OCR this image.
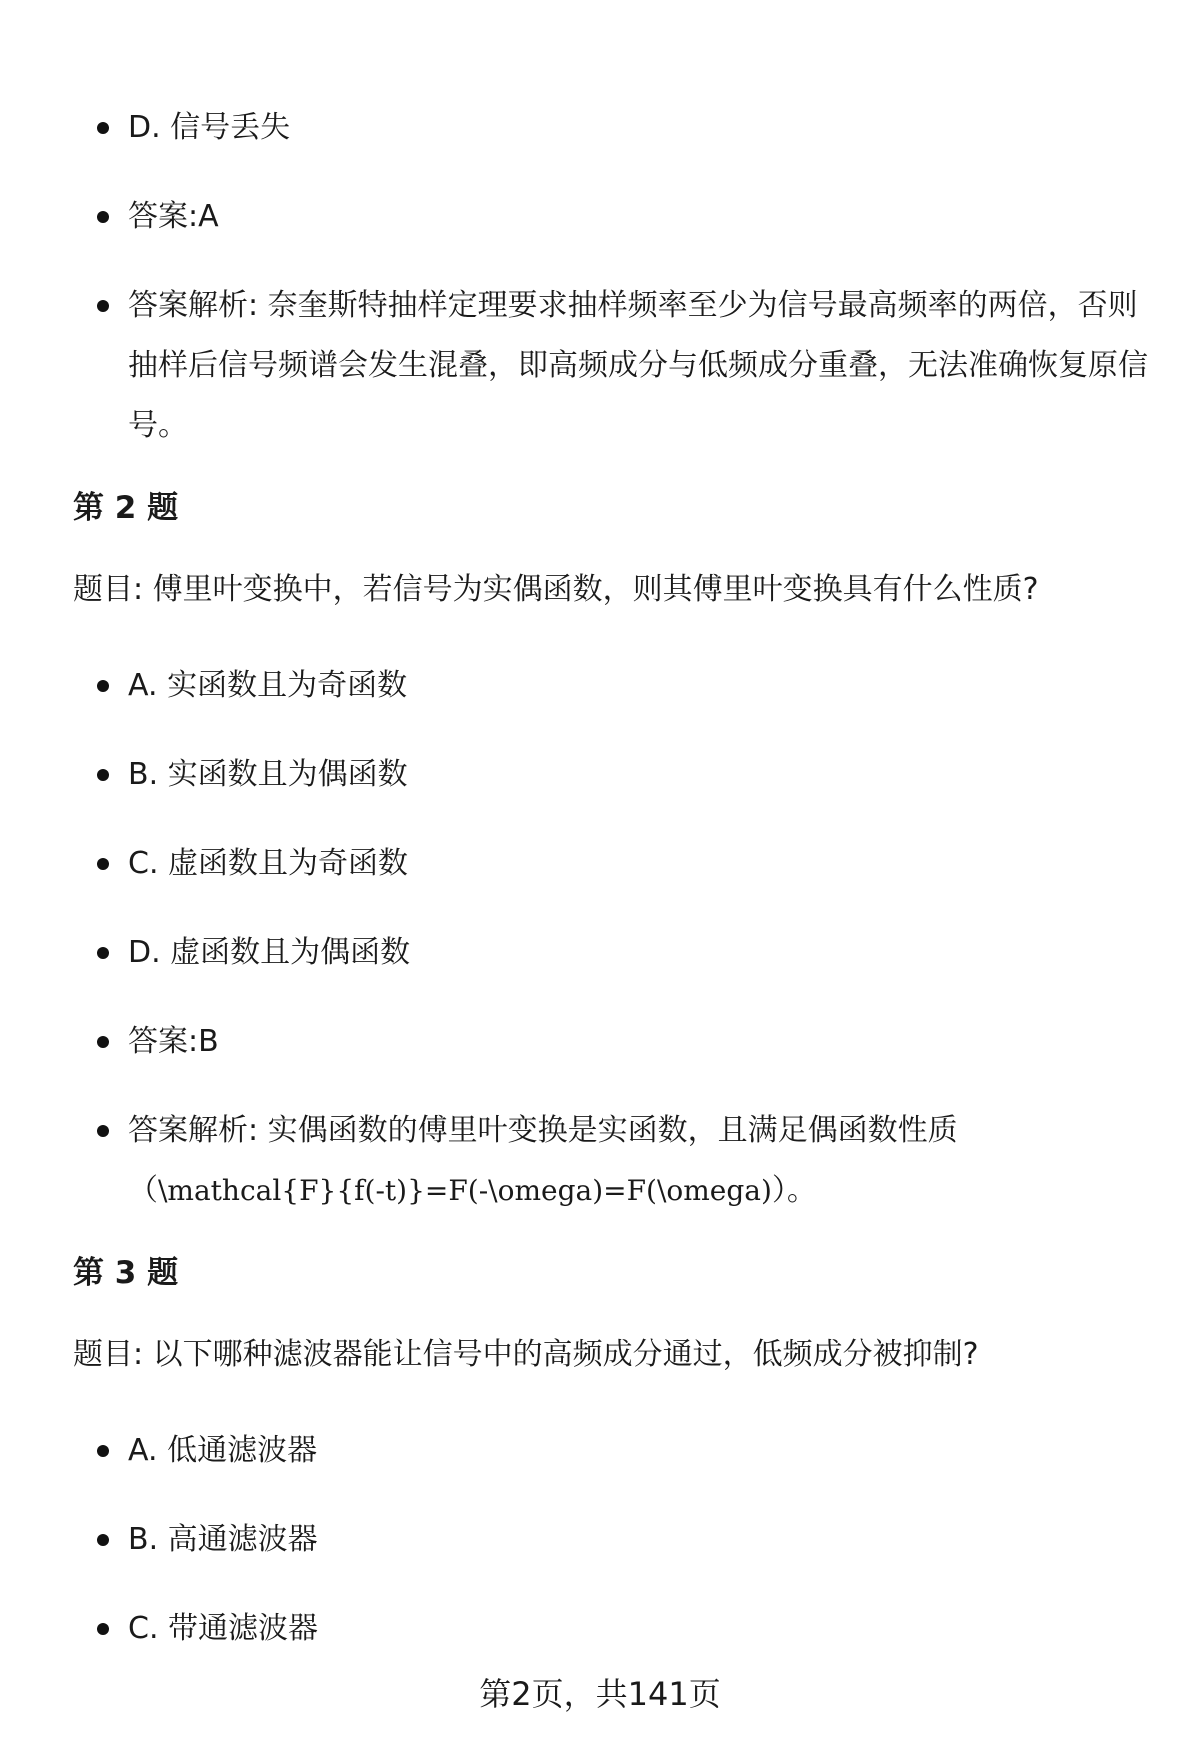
D. 信号丢失
答案:A
答案解析: 奈奎斯特抽样定理要求抽样频率至少为信号最高频率的两倍，否则抽样后信号频谱会发生混叠，即高频成分与低频成分重叠，无法准确恢复原信号。
第 2 题
题目: 傅里叶变换中，若信号为实偶函数，则其傅里叶变换具有什么性质?
A. 实函数且为奇函数
B. 实函数且为偶函数
C. 虚函数且为奇函数
D. 虚函数且为偶函数
答案:B
答案解析: 实偶函数的傅里叶变换是实函数，且满足偶函数性质（\mathcal{F}{f(-t)}=F(-\omega)=F(\omega)）。
第 3 题
题目: 以下哪种滤波器能让信号中的高频成分通过，低频成分被抑制?
A. 低通滤波器
B. 高通滤波器
C. 带通滤波器
第2页，共141页
